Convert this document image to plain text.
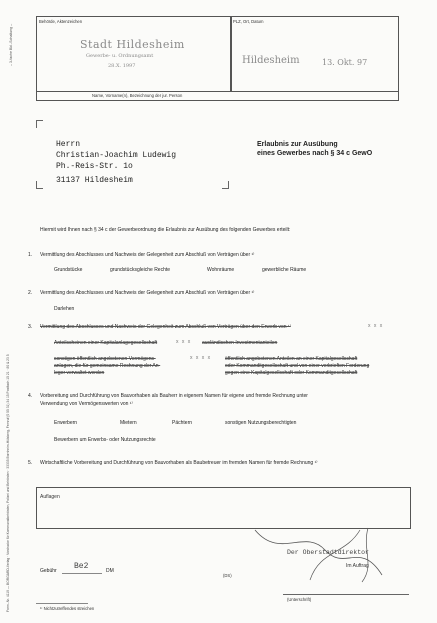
– 3-fache Bkl.-Schaltung –
Form.-Nr. 4119 — BORGARD-Verlag · Vordrucke für Kommunalbehörden, Polizei und Behörden · 33335 Bornheim-Hülsberg, Fernruf (0 55 31) 34 15 Postfach 15 21 · 80 & 23 5
Behörde, Aktenzeichen
Stadt Hildesheim
Gewerbe- u. Ordnungsamt
28.X. 1997
PLZ, Ort, Datum
Hildesheim	13. Okt. 97
Name, Vorname(n), Bezeichnung der jur. Person
Herrn
Christian-Joachim Ludewig
Ph.-Reis-Str. 1o
31137 Hildesheim
Erlaubnis zur Ausübung
eines Gewerbes nach § 34 c GewO
Hiermit wird Ihnen nach § 34 c der Gewerbeordnung die Erlaubnis zur Ausübung des folgenden Gewerbes erteilt:
1. Vermittlung des Abschlusses und Nachweis der Gelegenheit zum Abschluß von Verträgen über ¹⁾
Grundstücke	grundstücksgleiche Rechte	Wohnräume	gewerbliche Räume
2. Vermittlung des Abschlusses und Nachweis der Gelegenheit zum Abschluß von Verträgen über ¹⁾
Darlehen
3. Vermittlung des Abschlusses und Nachweis der Gelegenheit zum Abschluß von Verträgen über den Erwerb von ¹⁾	x x x
Anteilscheinen einer Kapitalanlagegesellschaft	x x x ausländischen Investmentanteilen
sonstigen öffentlich angebotenen Vermögens-
anlagen, die für gemeinsame Rechnung der An-
leger verwaltet werden
x x x x	öffentlich angebotenen Anteilen an einer Kapitalgesellschaft
oder Kommanditgesellschaft und von einer verbrieften Forderung
gegen eine Kapitalgesellschaft oder Kommanditgesellschaft
4. Vorbereitung und Durchführung von Bauvorhaben als Bauherr in eigenem Namen für eigene und fremde Rechnung unter
Verwendung von Vermögenswerten von ¹⁾
Erwerbern	Mietern	Pächtern	sonstigen Nutzungsberechtigten
Bewerbern um Erwerbs- oder Nutzungsrechte
5. Wirtschaftliche Vorbereitung und Durchführung von Bauvorhaben als Baubetreuer im fremden Namen für fremde Rechnung ¹⁾
Auflagen
Der Oberstadtdirektor
Im Auftrag
(Unterschrift)
(DS)
Gebühr Be2	DM
¹⁾ Nichtzutreffendes streichen
